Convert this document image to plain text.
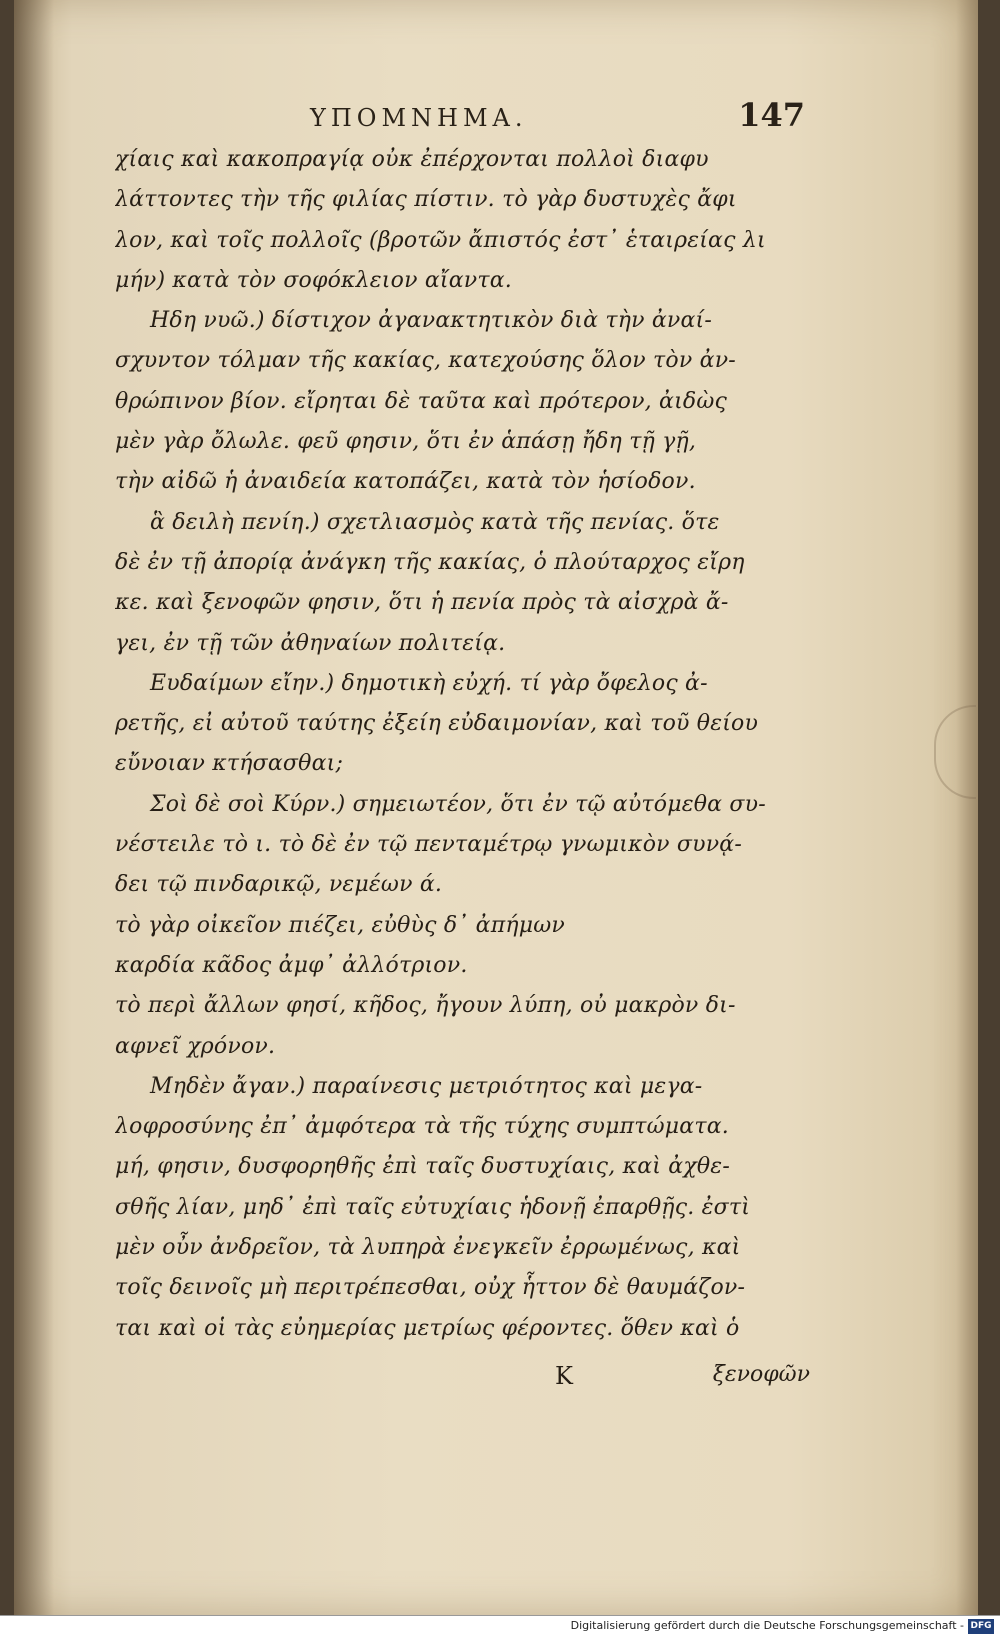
ΥΠΟΜΝΗΜΑ.	147
χίαις καὶ κακοπραγίᾳ οὐκ ἐπέρχονται πολλοὶ διαφυ
λάττοντες τὴν τῆς φιλίας πίστιν. τὸ γὰρ δυστυχὲς ἄφι
λον, καὶ τοῖς πολλοῖς (βροτῶν ἄπιστός ἐστ᾽ ἑταιρείας λι
μήν) κατὰ τὸν σοφόκλειον αἴαντα.
Ηδη νυῶ.) δίστιχον ἀγανακτητικὸν διὰ τὴν ἀναί-
σχυντον τόλμαν τῆς κακίας, κατεχούσης ὅλον τὸν ἀν-
θρώπινον βίον. εἴρηται δὲ ταῦτα καὶ πρότερον, ἀιδὼς
μὲν γὰρ ὄλωλε. φεῦ φησιν, ὅτι ἐν ἁπάσῃ ἤδη τῇ γῇ,
τὴν αἰδῶ ἡ ἀναιδεία κατοπάζει, κατὰ τὸν ἡσίοδον.
ἃ δειλὴ πενίη.) σχετλιασμὸς κατὰ τῆς πενίας. ὅτε
δὲ ἐν τῇ ἀπορίᾳ ἀνάγκη τῆς κακίας, ὁ πλούταρχος εἴρη
κε. καὶ ξενοφῶν φησιν, ὅτι ἡ πενία πρὸς τὰ αἰσχρὰ ἄ-
γει, ἐν τῇ τῶν ἀθηναίων πολιτείᾳ.
Ευδαίμων εἴην.) δημοτικὴ εὐχή. τί γὰρ ὄφελος ἀ-
ρετῆς, εἰ αὐτοῦ ταύτης ἐξείη εὐδαιμονίαν, καὶ τοῦ θείου
εὔνοιαν κτήσασθαι;
Σοὶ δὲ σοὶ Κύρν.) σημειωτέον, ὅτι ἐν τῷ αὐτόμεθα συ-
νέστειλε τὸ ι. τὸ δὲ ἐν τῷ πενταμέτρῳ γνωμικὸν συνᾴ-
δει τῷ πινδαρικῷ, νεμέων ά.
τὸ γὰρ οἰκεῖον πιέζει, εὐθὺς δ᾽ ἀπήμων
καρδία κᾶδος ἀμφ᾽ ἀλλότριον.
τὸ περὶ ἄλλων φησί, κῆδος, ἤγουν λύπη, οὐ μακρὸν δι-
αφνεῖ χρόνον.
Μηδὲν ἄγαν.) παραίνεσις μετριότητος καὶ μεγα-
λοφροσύνης ἐπ᾽ ἀμφότερα τὰ τῆς τύχης συμπτώματα.
μή, φησιν, δυσφορηθῆς ἐπὶ ταῖς δυστυχίαις, καὶ ἀχθε-
σθῆς λίαν, μηδ᾽ ἐπὶ ταῖς εὐτυχίαις ἡδονῇ ἐπαρθῇς. ἐστὶ
μὲν οὖν ἀνδρεῖον, τὰ λυπηρὰ ἐνεγκεῖν ἐρρωμένως, καὶ
τοῖς δεινοῖς μὴ περιτρέπεσθαι, οὐχ ἧττον δὲ θαυμάζον-
ται καὶ οἱ τὰς εὐημερίας μετρίως φέροντες. ὅθεν καὶ ὁ
K	ξενοφῶν
Digitalisierung gefördert durch die Deutsche Forschungsgemeinschaft - DFG
